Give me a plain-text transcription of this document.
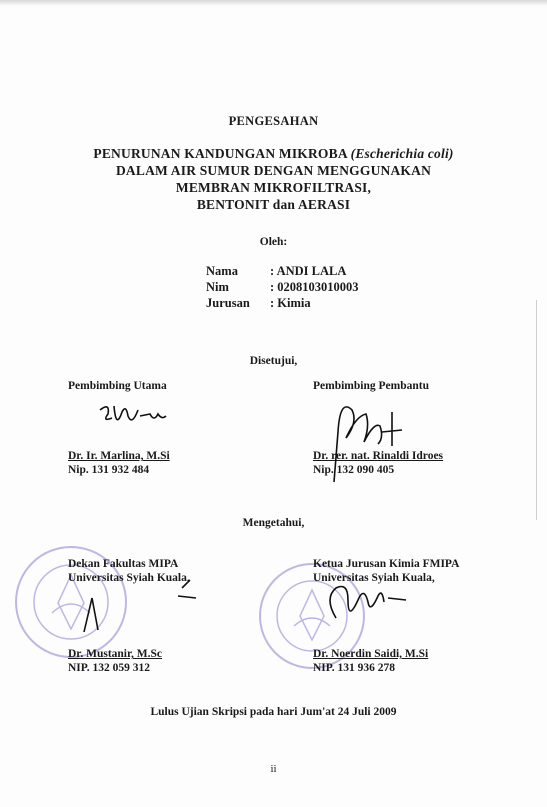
PENGESAHAN
PENURUNAN KANDUNGAN MIKROBA (Escherichia coli)
DALAM AIR SUMUR DENGAN MENGGUNAKAN
MEMBRAN MIKROFILTRASI,
BENTONIT dan AERASI
Oleh:
Nama	: ANDI LALA
Nim	: 0208103010003
Jurusan	: Kimia
Disetujui,
Pembimbing Utama
Dr. Ir. Marlina, M.Si
Nip. 131 932 484
Pembimbing Pembantu
Dr. rer. nat. Rinaldi Idroes
Nip. 132 090 405
Mengetahui,
Dekan Fakultas MIPA
Universitas Syiah Kuala,
Dr. Mustanir, M.Sc
NIP. 132 059 312
Ketua Jurusan Kimia FMIPA
Universitas Syiah Kuala,
Dr. Noerdin Saidi, M.Si
NIP. 131 936 278
Lulus Ujian Skripsi pada hari Jum'at 24 Juli 2009
ii
